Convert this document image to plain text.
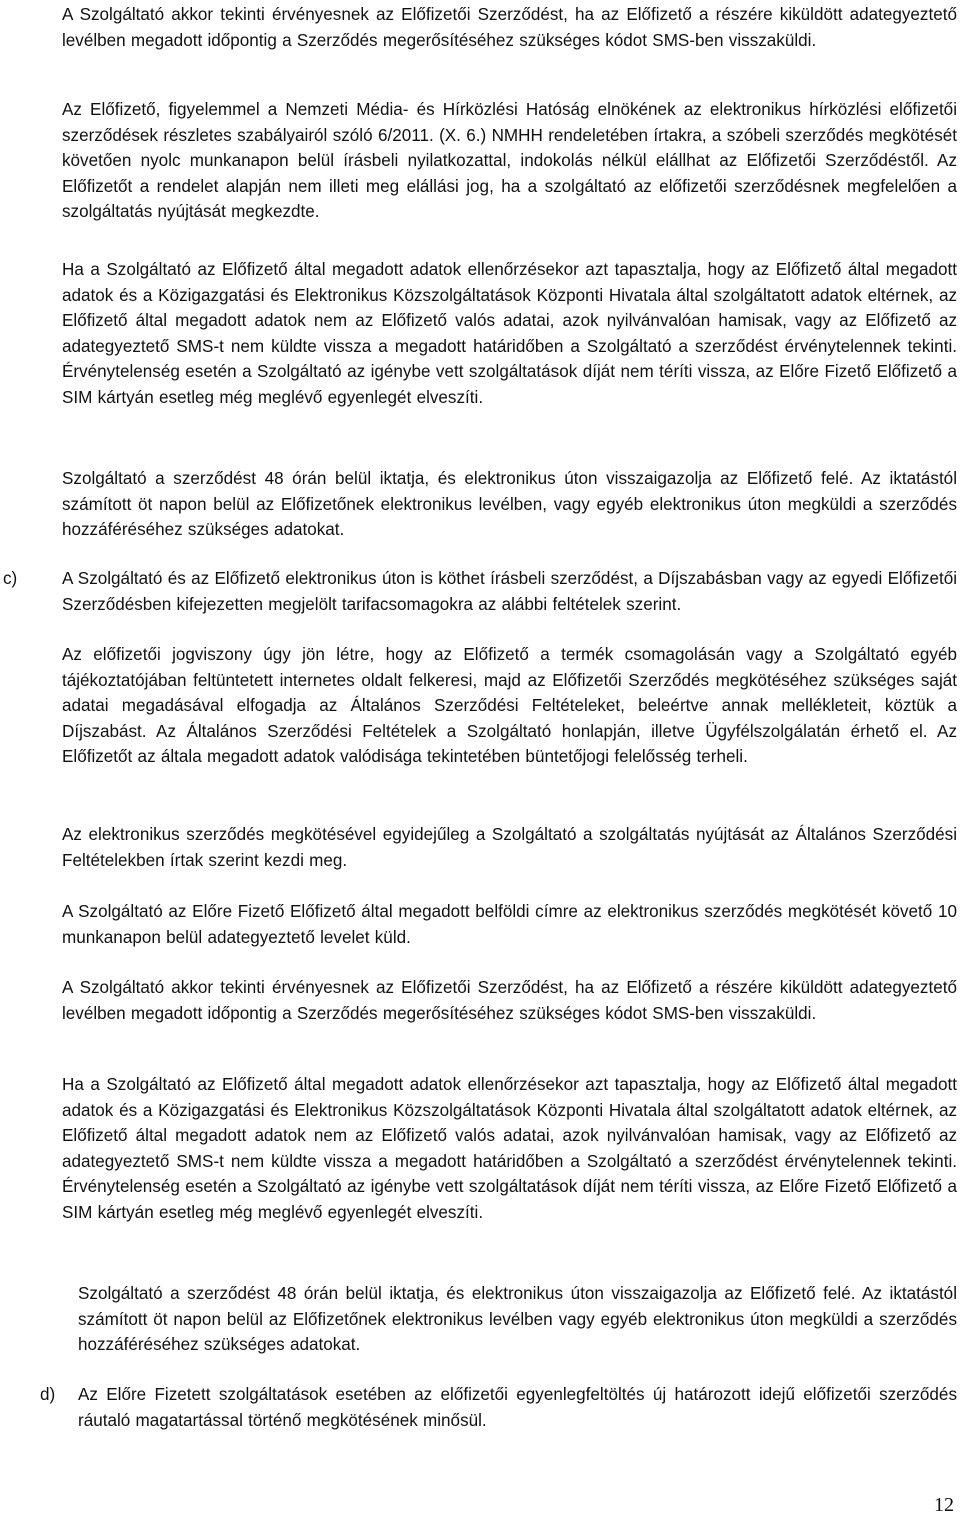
A Szolgáltató akkor tekinti érvényesnek az Előfizetői Szerződést, ha az Előfizető a részére kiküldött adategyeztető levélben megadott időpontig a Szerződés megerősítéséhez szükséges kódot SMS-ben visszaküldi.

Az Előfizető, figyelemmel a Nemzeti Média- és Hírközlési Hatóság elnökének az elektronikus hírközlési előfizetői szerződések részletes szabályairól szóló 6/2011. (X. 6.) NMHH rendeletében írtakra, a szóbeli szerződés megkötését követően nyolc munkanapon belül írásbeli nyilatkozattal, indokolás nélkül elállhat az Előfizetői Szerződéstől. Az Előfizetőt a rendelet alapján nem illeti meg elállási jog, ha a szolgáltató az előfizetői szerződésnek megfelelően a szolgáltatás nyújtását megkezdte.

Ha a Szolgáltató az Előfizető által megadott adatok ellenőrzésekor azt tapasztalja, hogy az Előfizető által megadott adatok és a Közigazgatási és Elektronikus Közszolgáltatások Központi Hivatala által szolgáltatott adatok eltérnek, az Előfizető által megadott adatok nem az Előfizető valós adatai, azok nyilvánvalóan hamisak, vagy az Előfizető az adategyeztető SMS-t nem küldte vissza a megadott határidőben a Szolgáltató a szerződést érvénytelennek tekinti. Érvénytelenség esetén a Szolgáltató az igénybe vett szolgáltatások díját nem téríti vissza, az Előre Fizető Előfizető a SIM kártyán esetleg még meglévő egyenlegét elveszíti.

Szolgáltató a szerződést 48 órán belül iktatja, és elektronikus úton visszaigazolja az Előfizető felé. Az iktatástól számított öt napon belül az Előfizetőnek elektronikus levélben, vagy egyéb elektronikus úton megküldi a szerződés hozzáféréséhez szükséges adatokat.

c)	A Szolgáltató és az Előfizető elektronikus úton is köthet írásbeli szerződést, a Díjszabásban vagy az egyedi Előfizetői Szerződésben kifejezetten megjelölt tarifacsomagokra az alábbi feltételek szerint.

Az előfizetői jogviszony úgy jön létre, hogy az Előfizető a termék csomagolásán vagy a Szolgáltató egyéb tájékoztatójában feltüntetett internetes oldalt felkeresi, majd az Előfizetői Szerződés megkötéséhez szükséges saját adatai megadásával elfogadja az Általános Szerződési Feltételeket, beleértve annak mellékleteit, köztük a Díjszabást. Az Általános Szerződési Feltételek a Szolgáltató honlapján, illetve Ügyfélszolgálatán érhető el. Az Előfizetőt az általa megadott adatok valódisága tekintetében büntetőjogi felelősség terheli.

Az elektronikus szerződés megkötésével egyidejűleg a Szolgáltató a szolgáltatás nyújtását az Általános Szerződési Feltételekben írtak szerint kezdi meg.

A Szolgáltató az Előre Fizető Előfizető által megadott belföldi címre az elektronikus szerződés megkötését követő 10 munkanapon belül adategyeztető levelet küld.

A Szolgáltató akkor tekinti érvényesnek az Előfizetői Szerződést, ha az Előfizető a részére kiküldött adategyeztető levélben megadott időpontig a Szerződés megerősítéséhez szükséges kódot SMS-ben visszaküldi.

Ha a Szolgáltató az Előfizető által megadott adatok ellenőrzésekor azt tapasztalja, hogy az Előfizető által megadott adatok és a Közigazgatási és Elektronikus Közszolgáltatások Központi Hivatala által szolgáltatott adatok eltérnek, az Előfizető által megadott adatok nem az Előfizető valós adatai, azok nyilvánvalóan hamisak, vagy az Előfizető az adategyeztető SMS-t nem küldte vissza a megadott határidőben a Szolgáltató a szerződést érvénytelennek tekinti. Érvénytelenség esetén a Szolgáltató az igénybe vett szolgáltatások díját nem téríti vissza, az Előre Fizető Előfizető a SIM kártyán esetleg még meglévő egyenlegét elveszíti.

Szolgáltató a szerződést 48 órán belül iktatja, és elektronikus úton visszaigazolja az Előfizető felé. Az iktatástól számított öt napon belül az Előfizetőnek elektronikus levélben vagy egyéb elektronikus úton megküldi a szerződés hozzáféréséhez szükséges adatokat.

d) Az Előre Fizetett szolgáltatások esetében az előfizetői egyenlegfeltöltés új határozott idejű előfizetői szerződés ráutaló magatartással történő megkötésének minősül.

12
